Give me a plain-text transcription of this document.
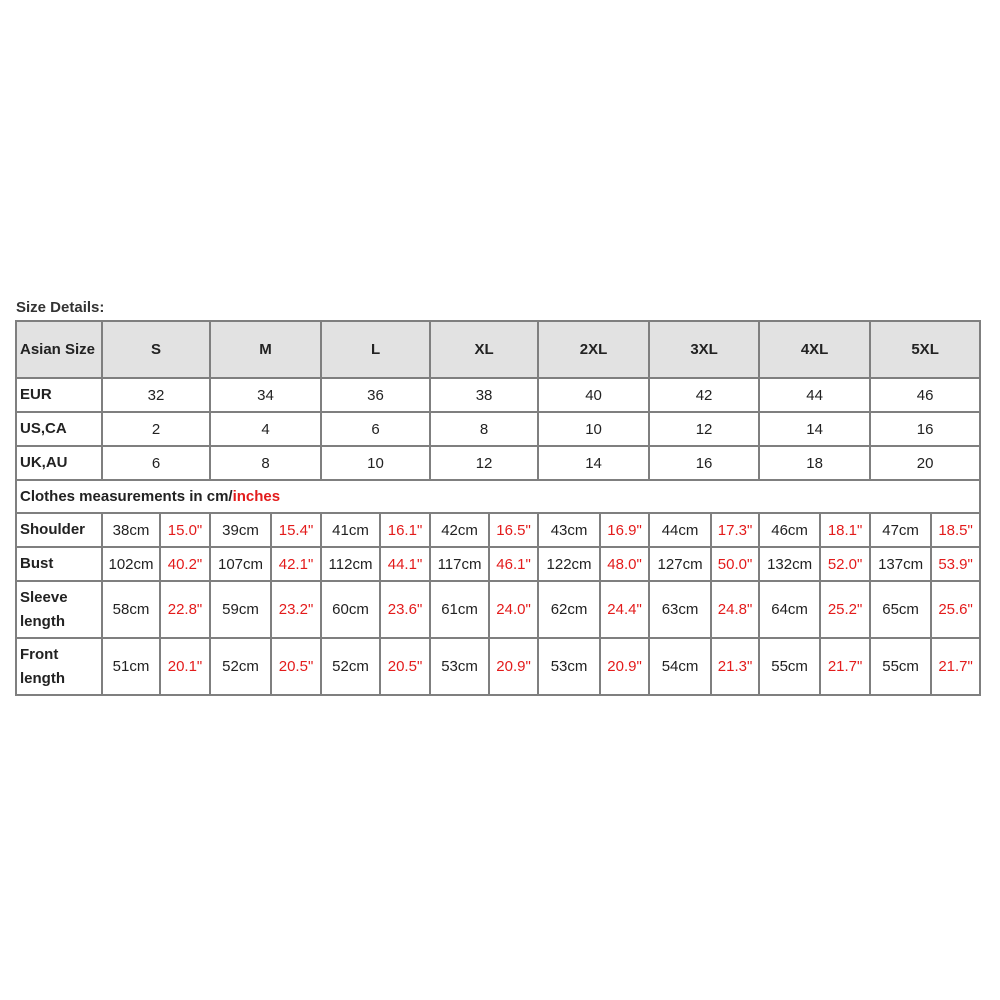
Size Details:
Asian Size	S		M		L		XL		2XL		3XL		4XL		5XL	
EUR	32		34		36		38		40		42		44		46	
US,CA	2		4		6		8		10		12		14		16	
UK,AU	6		8		10		12		14		16		18		20	
Clothes measurements in cm/inches																
Shoulder	38cm	15.0"	39cm	15.4"	41cm	16.1"	42cm	16.5"	43cm	16.9"	44cm	17.3"	46cm	18.1"	47cm	18.5"
Bust	102cm	40.2"	107cm	42.1"	112cm	44.1"	117cm	46.1"	122cm	48.0"	127cm	50.0"	132cm	52.0"	137cm	53.9"
Sleeve length	58cm	22.8"	59cm	23.2"	60cm	23.6"	61cm	24.0"	62cm	24.4"	63cm	24.8"	64cm	25.2"	65cm	25.6"
Front length	51cm	20.1"	52cm	20.5"	52cm	20.5"	53cm	20.9"	53cm	20.9"	54cm	21.3"	55cm	21.7"	55cm	21.7"
